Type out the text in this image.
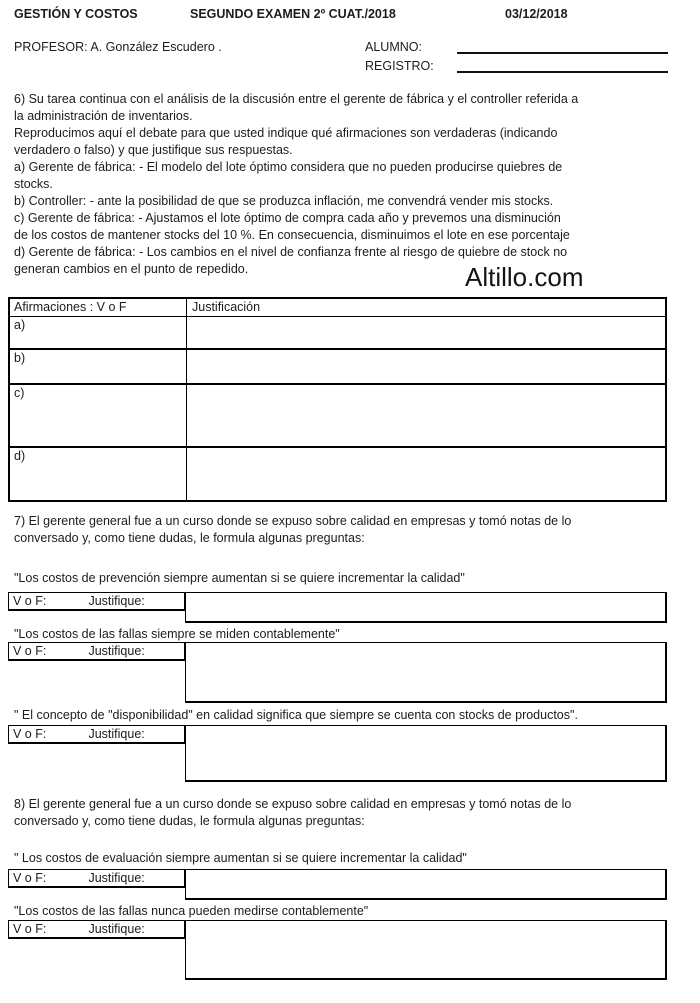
GESTIÓN Y COSTOS	SEGUNDO EXAMEN 2º CUAT./2018	03/12/2018
PROFESOR: A. González Escudero .	ALUMNO:
REGISTRO:
6) Su tarea continua con el análisis de la discusión entre el gerente de fábrica y el controller referida a
la administración de inventarios.
Reproducimos aquí el debate para que usted indique qué afirmaciones son verdaderas (indicando
verdadero o falso) y que justifique sus respuestas.
a) Gerente de fábrica: - El modelo del lote óptimo considera que no pueden producirse quiebres de
stocks.
b) Controller: - ante la posibilidad de que se produzca inflación, me convendrá vender mis stocks.
c) Gerente de fábrica: - Ajustamos el lote óptimo de compra cada año y prevemos una disminución
de los costos de mantener stocks del 10 %. En consecuencia, disminuimos el lote en ese porcentaje
d) Gerente de fábrica: - Los cambios en el nivel de confianza frente al riesgo de quiebre de stock no
generan cambios en el punto de repedido.	Altillo.com
Afirmaciones : V o F	Justificación
a)
b)
c)
d)
7) El gerente general fue a un curso donde se expuso sobre calidad en empresas y tomó notas de lo
conversado y, como tiene dudas, le formula algunas preguntas:
"Los costos de prevención siempre aumentan si se quiere incrementar la calidad"
V o F:	Justifique:
"Los costos de las fallas siempre se miden contablemente"
V o F:	Justifique:
" El concepto de "disponibilidad" en calidad significa que siempre se cuenta con stocks de productos".
V o F:	Justifique:
8) El gerente general fue a un curso donde se expuso sobre calidad en empresas y tomó notas de lo
conversado y, como tiene dudas, le formula algunas preguntas:
" Los costos de evaluación siempre aumentan si se quiere incrementar la calidad"
V o F:	Justifique:
"Los costos de las fallas nunca pueden medirse contablemente"
V o F:	Justifique:
